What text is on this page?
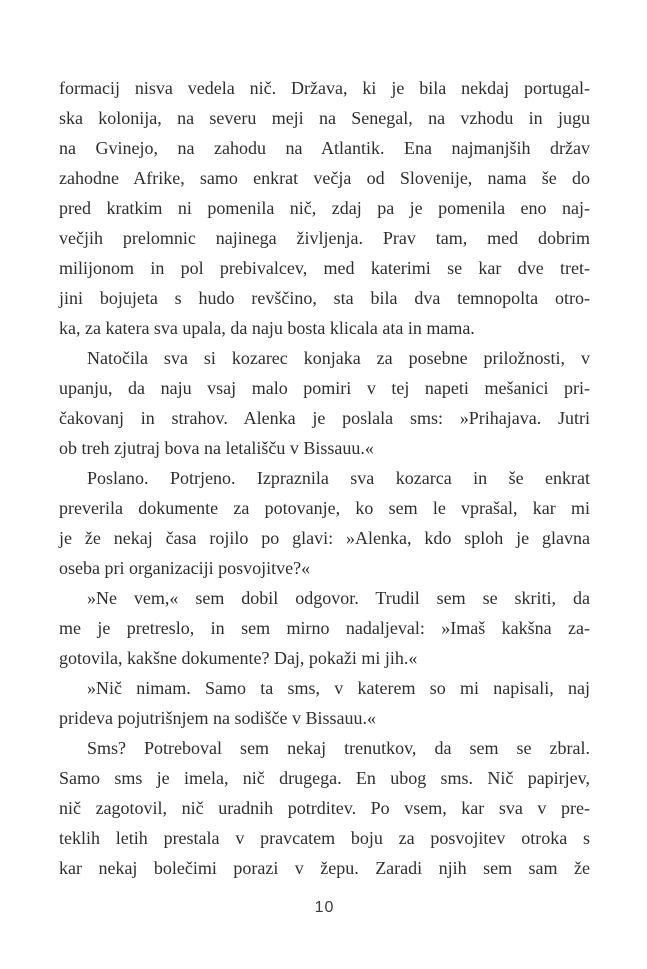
formacij nisva vedela nič. Država, ki je bila nekdaj portugal-
ska kolonija, na severu meji na Senegal, na vzhodu in jugu
na Gvinejo, na zahodu na Atlantik. Ena najmanjših držav
zahodne Afrike, samo enkrat večja od Slovenije, nama še do
pred kratkim ni pomenila nič, zdaj pa je pomenila eno naj-
večjih prelomnic najinega življenja. Prav tam, med dobrim
milijonom in pol prebivalcev, med katerimi se kar dve tret-
jini bojujeta s hudo revščino, sta bila dva temnopolta otro-
ka, za katera sva upala, da naju bosta klicala ata in mama.
Natočila sva si kozarec konjaka za posebne priložnosti, v
upanju, da naju vsaj malo pomiri v tej napeti mešanici pri-
čakovanj in strahov. Alenka je poslala sms: »Prihajava. Jutri
ob treh zjutraj bova na letališču v Bissauu.«
Poslano. Potrjeno. Izpraznila sva kozarca in še enkrat
preverila dokumente za potovanje, ko sem le vprašal, kar mi
je že nekaj časa rojilo po glavi: »Alenka, kdo sploh je glavna
oseba pri organizaciji posvojitve?«
»Ne vem,« sem dobil odgovor. Trudil sem se skriti, da
me je pretreslo, in sem mirno nadaljeval: »Imaš kakšna za-
gotovila, kakšne dokumente? Daj, pokaži mi jih.«
»Nič nimam. Samo ta sms, v katerem so mi napisali, naj
prideva pojutrišnjem na sodišče v Bissauu.«
Sms? Potreboval sem nekaj trenutkov, da sem se zbral.
Samo sms je imela, nič drugega. En ubog sms. Nič papirjev,
nič zagotovil, nič uradnih potrditev. Po vsem, kar sva v pre-
teklih letih prestala v pravcatem boju za posvojitev otroka s
kar nekaj bolečimi porazi v žepu. Zaradi njih sem sam že
10
